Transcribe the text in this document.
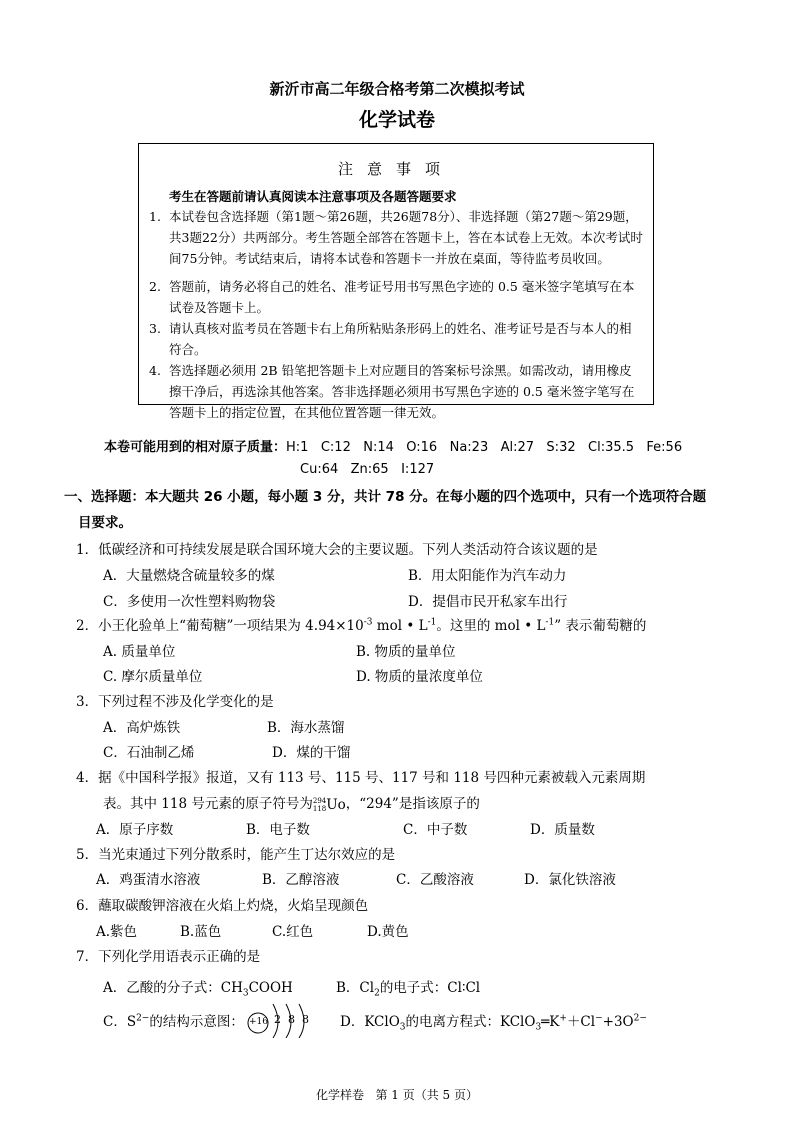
新沂市高二年级合格考第二次模拟考试
化学试卷
注意事项
考生在答题前请认真阅读本注意事项及各题答题要求
1. 本试卷包含选择题（第1题～第26题，共26题78分）、非选择题（第27题～第29题，共3题22分）共两部分。考生答题全部答在答题卡上，答在本试卷上无效。本次考试时间75分钟。考试结束后，请将本试卷和答题卡一并放在桌面，等待监考员收回。
2. 答题前，请务必将自己的姓名、准考证号用书写黑色字迹的 0.5 毫米签字笔填写在本试卷及答题卡上。
3. 请认真核对监考员在答题卡右上角所粘贴条形码上的姓名、准考证号是否与本人的相符合。
4. 答选择题必须用 2B 铅笔把答题卡上对应题目的答案标号涂黑。如需改动，请用橡皮擦干净后，再选涂其他答案。答非选择题必须用书写黑色字迹的 0.5 毫米签字笔写在答题卡上的指定位置，在其他位置答题一律无效。
本卷可能用到的相对原子质量：H:1   C:12   N:14   O:16   Na:23   Al:27   S:32   Cl:35.5   Fe:56
Cu:64   Zn:65   I:127
一、选择题：本大题共 26 小题，每小题 3 分，共计 78 分。在每小题的四个选项中，只有一个选项符合题
目要求。
1．低碳经济和可持续发展是联合国环境大会的主要议题。下列人类活动符合该议题的是
A．大量燃烧含硫量较多的煤	B．用太阳能作为汽车动力
C．多使用一次性塑料购物袋	D．提倡市民开私家车出行
2．小王化验单上“葡萄糖”一项结果为 $4.94\times 10^{-3}$ mol • $L^{-1}$。这里的 mol • $L^{-1}$” 表示葡萄糖的
A. 质量单位	B. 物质的量单位
C. 摩尔质量单位	D. 物质的量浓度单位
3．下列过程不涉及化学变化的是
A．高炉炼铁	B．海水蒸馏
C．石油制乙烯	D．煤的干馏
4．据《中国科学报》报道，又有 113 号、115 号、117 号和 118 号四种元素被载入元素周期
表。其中 118 号元素的原子符号为 294
118 Uo，“294”是指该原子的
A．原子序数	B．电子数	C．中子数	D．质量数
5．当光束通过下列分散系时，能产生丁达尔效应的是
A．鸡蛋清水溶液	B．乙醇溶液	C．乙酸溶液	D．氯化铁溶液
6．蘸取碳酸钾溶液在火焰上灼烧，火焰呈现颜色
A.紫色	B.蓝色	C.红色	D.黄色
7．下列化学用语表示正确的是
A．乙酸的分子式：$CH_3COOH$	B．$Cl_2$的电子式：Cl∶Cl
C．$S^{2-}$的结构示意图： +16 2  8  8 D．KClO$_3$的电离方程式：$KClO_3═K^++Cl^-+3O^{2-}$
化学样卷   第 1 页（共 5 页）
